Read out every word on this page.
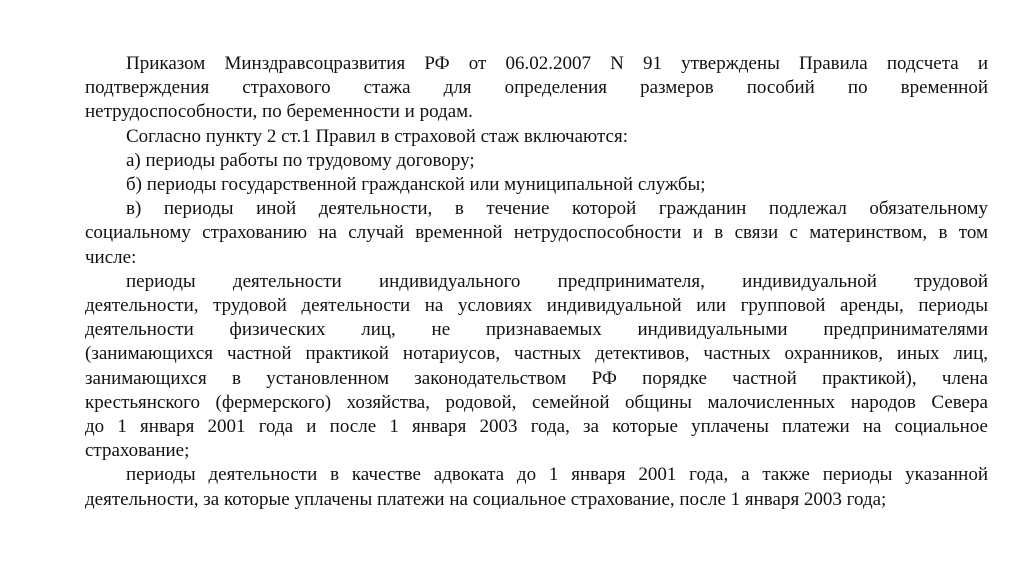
Приказом Минздравсоцразвития РФ от 06.02.2007 N 91 утверждены Правила подсчета и
подтверждения страхового стажа для определения размеров пособий по временной
нетрудоспособности, по беременности и родам.
Согласно пункту 2 ст.1 Правил в страховой стаж включаются:
а) периоды работы по трудовому договору;
б) периоды государственной гражданской или муниципальной службы;
в) периоды иной деятельности, в течение которой гражданин подлежал обязательному
социальному страхованию на случай временной нетрудоспособности и в связи с материнством, в том
числе:
периоды деятельности индивидуального предпринимателя, индивидуальной трудовой
деятельности, трудовой деятельности на условиях индивидуальной или групповой аренды, периоды
деятельности физических лиц, не признаваемых индивидуальными предпринимателями
(занимающихся частной практикой нотариусов, частных детективов, частных охранников, иных лиц,
занимающихся в установленном законодательством РФ порядке частной практикой), члена
крестьянского (фермерского) хозяйства, родовой, семейной общины малочисленных народов Севера
до 1 января 2001 года и после 1 января 2003 года, за которые уплачены платежи на социальное
страхование;
периоды деятельности в качестве адвоката до 1 января 2001 года, а также периоды указанной
деятельности, за которые уплачены платежи на социальное страхование, после 1 января 2003 года;
